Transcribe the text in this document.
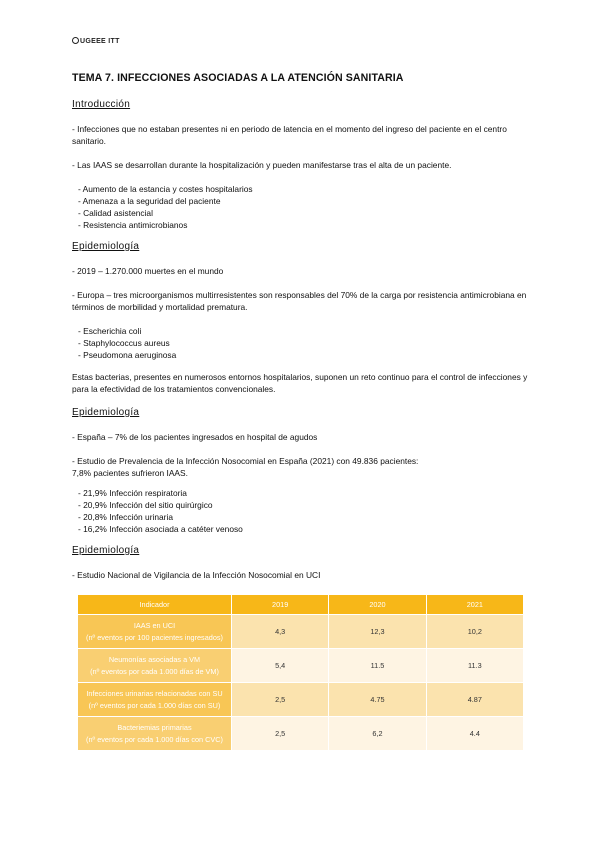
UGEEE ITT
TEMA 7. INFECCIONES ASOCIADAS A LA ATENCIÓN SANITARIA
Introducción

- Infecciones que no estaban presentes ni en periodo de latencia en el momento del ingreso del paciente en el centro sanitario.

- Las IAAS se desarrollan durante la hospitalización y pueden manifestarse tras el alta de un paciente.

- Aumento de la estancia y costes hospitalarios
- Amenaza a la seguridad del paciente
- Calidad asistencial
- Resistencia antimicrobianos
Epidemiología

- 2019 – 1.270.000 muertes en el mundo

- Europa – tres microorganismos multirresistentes son responsables del 70% de la carga por resistencia antimicrobiana en términos de morbilidad y mortalidad prematura.

- Escherichia coli
- Staphylococcus aureus
- Pseudomona aeruginosa

Estas bacterias, presentes en numerosos entornos hospitalarios, suponen un reto continuo para el control de infecciones y para la efectividad de los tratamientos convencionales.

Epidemiología

- España – 7% de los pacientes ingresados en hospital de agudos

- Estudio de Prevalencia de la Infección Nosocomial en España (2021) con 49.836 pacientes:
7,8% pacientes sufrieron IAAS.

- 21,9% Infección respiratoria
- 20,9% Infección del sitio quirúrgico
- 20,8% Infección urinaria
- 16,2% Infección asociada a catéter venoso
Epidemiología

- Estudio Nacional de Vigilancia de la Infección Nosocomial en UCI

Indicador	2019	2020	2021
IAAS en UCI
(nº eventos por 100 pacientes ingresados)	4,3	12,3	10,2
Neumonías asociadas a VM
(nº eventos por cada 1.000 días de VM)	5,4	11.5	11.3
Infecciones urinarias relacionadas con SU
(nº eventos por cada 1.000 días con SU)	2,5	4.75	4.87
Bacteriemias primarias
(nº eventos por cada 1.000 días con CVC)	2,5	6,2	4.4
